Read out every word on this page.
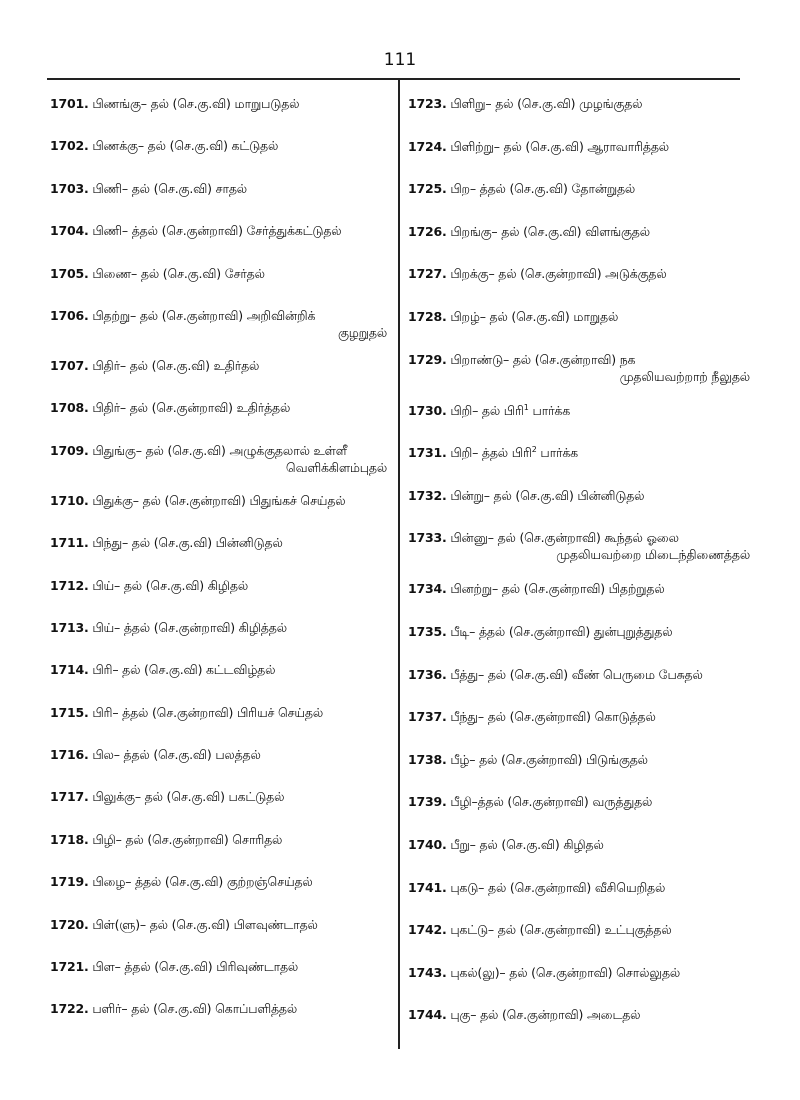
111

1701. பிணங்கு– தல் (செ.கு.வி) மாறுபடுதல்

1702. பிணக்கு– தல் (செ.கு.வி) கட்டுதல்

1703. பிணி– தல் (செ.கு.வி) சாதல்

1704. பிணி– த்தல் (செ.குன்றாவி) சேர்த்துக்கட்டுதல்

1705. பிணை– தல் (செ.கு.வி) சேர்தல்

1706. பிதற்று– தல் (செ.குன்றாவி) அறிவின்றிக்
குழறுதல்

1707. பிதிர்– தல் (செ.கு.வி) உதிர்தல்

1708. பிதிர்– தல் (செ.குன்றாவி) உதிர்த்தல்

1709. பிதுங்கு– தல் (செ.கு.வி) அழுக்குதலால் உள்ளீ
வெளிக்கிளம்புதல்

1710. பிதுக்கு– தல் (செ.குன்றாவி) பிதுங்கச் செய்தல்

1711. பிந்து– தல் (செ.கு.வி) பின்னிடுதல்

1712. பிய்– தல் (செ.கு.வி) கிழிதல்

1713. பிய்– த்தல் (செ.குன்றாவி) கிழித்தல்

1714. பிரி– தல் (செ.கு.வி) கட்டவிழ்தல்

1715. பிரி– த்தல் (செ.குன்றாவி) பிரியச் செய்தல்

1716. பில– த்தல் (செ.கு.வி) பலத்தல்

1717. பிலுக்கு– தல் (செ.கு.வி) பகட்டுதல்

1718. பிழி– தல் (செ.குன்றாவி) சொரிதல்

1719. பிழை– த்தல் (செ.கு.வி) குற்றஞ்செய்தல்

1720. பிள்(ளு)– தல் (செ.கு.வி) பிளவுண்டாதல்

1721. பிள– த்தல் (செ.கு.வி) பிரிவுண்டாதல்

1722. பளிர்– தல் (செ.கு.வி) கொப்பளித்தல்

1723. பிளிறு– தல் (செ.கு.வி) முழங்குதல்

1724. பிளிற்று– தல் (செ.கு.வி) ஆராவாரித்தல்

1725. பிற– த்தல் (செ.கு.வி) தோன்றுதல்

1726. பிறங்கு– தல் (செ.கு.வி) விளங்குதல்

1727. பிறக்கு– தல் (செ.குன்றாவி) அடுக்குதல்

1728. பிறழ்– தல் (செ.கு.வி) மாறுதல்

1729. பிறாண்டு– தல் (செ.குன்றாவி) நக
முதலியவற்றாற் நீலுதல்

1730. பிறி– தல் பிரி$^1$ பார்க்க

1731. பிறி– த்தல் பிரி$^2$ பார்க்க

1732. பின்று– தல் (செ.கு.வி) பின்னிடுதல்

1733. பின்னு– தல் (செ.குன்றாவி) கூந்தல் ஓலை
முதலியவற்றை மிடைந்திணைத்தல்

1734. பினற்று– தல் (செ.குன்றாவி) பிதற்றுதல்

1735. பீடி– த்தல் (செ.குன்றாவி) துன்புறுத்துதல்

1736. பீத்து– தல் (செ.கு.வி) வீண் பெருமை பேசுதல்

1737. பீந்து– தல் (செ.குன்றாவி) கொடுத்தல்

1738. பீழ்– தல் (செ.குன்றாவி) பிடுங்குதல்

1739. பீழி–த்தல் (செ.குன்றாவி) வருத்துதல்

1740. பீறு– தல் (செ.கு.வி) கிழிதல்

1741. புகடு– தல் (செ.குன்றாவி) வீசியெறிதல்

1742. புகட்டு– தல் (செ.குன்றாவி) உட்புகுத்தல்

1743. புகல்(லு)– தல் (செ.குன்றாவி) சொல்லுதல்

1744. புகு– தல் (செ.குன்றாவி) அடைதல்
